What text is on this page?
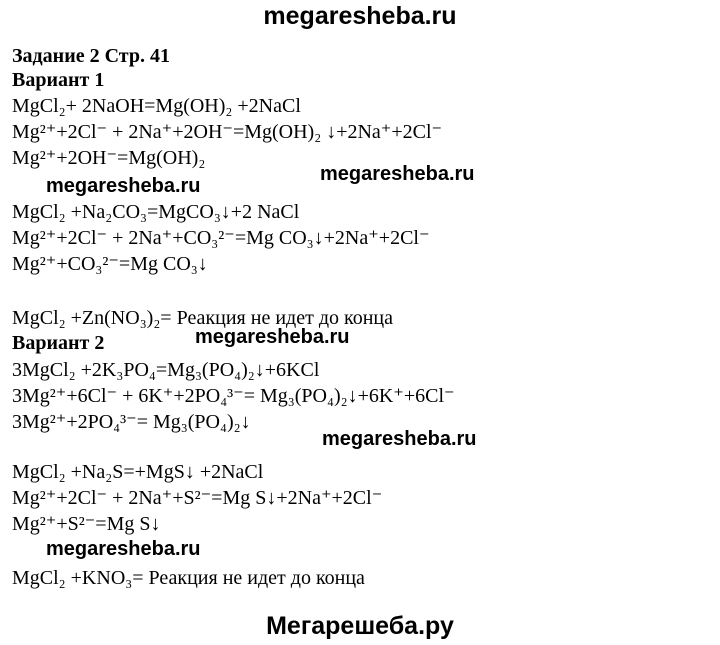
megaresheba.ru
Задание 2 Стр. 41
Вариант 1
MgCl₂+ 2NaOH=Mg(OH)₂ +2NaCl
Mg²⁺+2Cl⁻ + 2Na⁺+2OH⁻=Mg(OH)₂ ↓+2Na⁺+2Cl⁻
Mg²⁺+2OH⁻=Mg(OH)₂
megaresheba.ru
megaresheba.ru
MgCl₂ +Na₂CO₃=MgCO₃↓+2 NaCl
Mg²⁺+2Cl⁻ + 2Na⁺+CO₃²⁻=Mg CO₃↓+2Na⁺+2Cl⁻
Mg²⁺+CO₃²⁻=Mg CO₃↓
MgCl₂ +Zn(NO₃)₂= Реакция не идет до конца
megaresheba.ru
Вариант 2
3MgCl₂ +2K₃PO₄=Mg₃(PO₄)₂↓+6KCl
3Mg²⁺+6Cl⁻ + 6K⁺+2PO₄³⁻= Mg₃(PO₄)₂↓+6K⁺+6Cl⁻
3Mg²⁺+2PO₄³⁻= Mg₃(PO₄)₂↓
megaresheba.ru
MgCl₂ +Na₂S=+MgS↓ +2NaCl
Mg²⁺+2Cl⁻ + 2Na⁺+S²⁻=Mg S↓+2Na⁺+2Cl⁻
Mg²⁺+S²⁻=Mg S↓
megaresheba.ru
MgCl₂ +KNO₃= Реакция не идет до конца
Мегарешеба.ру
